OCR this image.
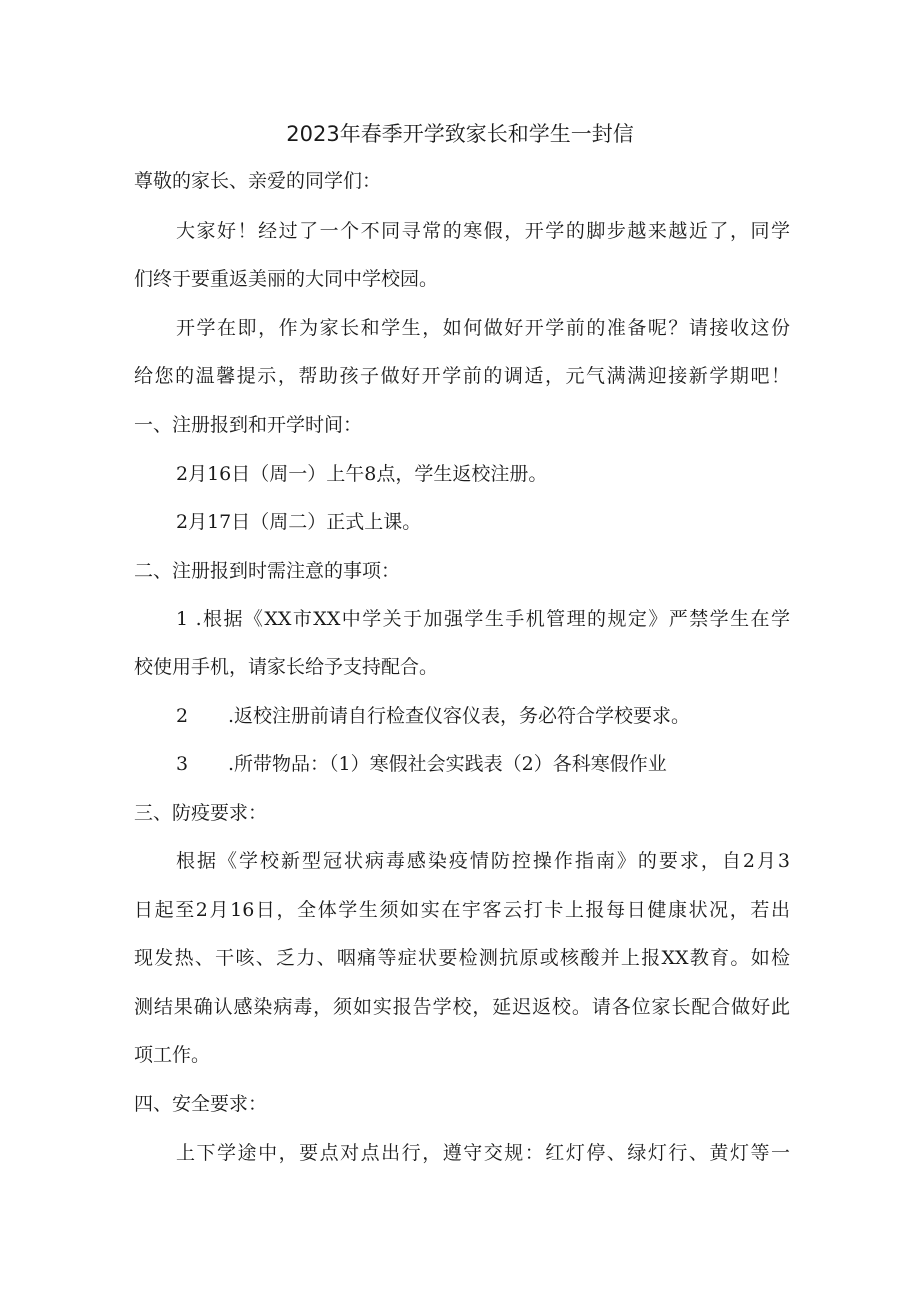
2023年春季开学致家长和学生一封信
尊敬的家长、亲爱的同学们：
大家好！经过了一个不同寻常的寒假，开学的脚步越来越近了，同学
们终于要重返美丽的大同中学校园。
开学在即，作为家长和学生，如何做好开学前的准备呢？请接收这份
给您的温馨提示，帮助孩子做好开学前的调适，元气满满迎接新学期吧！
一、注册报到和开学时间：
2月16日（周一）上午8点，学生返校注册。
2月17日（周二）正式上课。
二、注册报到时需注意的事项：
1 .根据《XX市XX中学关于加强学生手机管理的规定》严禁学生在学
校使用手机，请家长给予支持配合。
2 .返校注册前请自行检查仪容仪表，务必符合学校要求。
3 .所带物品：（1）寒假社会实践表（2）各科寒假作业
三、防疫要求：
根据《学校新型冠状病毒感染疫情防控操作指南》的要求，自2月3
日起至2月16日，全体学生须如实在宇客云打卡上报每日健康状况，若出
现发热、干咳、乏力、咽痛等症状要检测抗原或核酸并上报XX教育。如检
测结果确认感染病毒，须如实报告学校，延迟返校。请各位家长配合做好此
项工作。
四、安全要求：
上下学途中，要点对点出行，遵守交规：红灯停、绿灯行、黄灯等一
